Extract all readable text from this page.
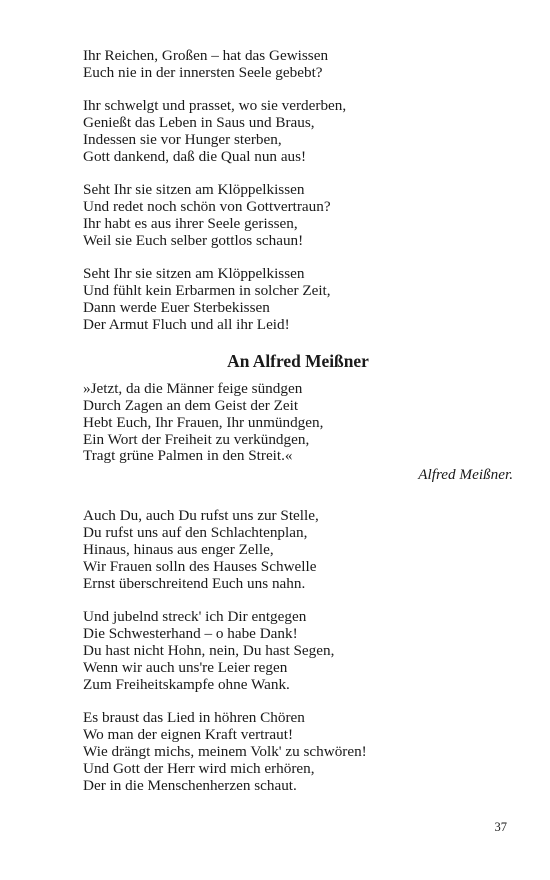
Ihr Reichen, Großen – hat das Gewissen
Euch nie in der innersten Seele gebebt?
Ihr schwelgt und prasset, wo sie verderben,
Genießt das Leben in Saus und Braus,
Indessen sie vor Hunger sterben,
Gott dankend, daß die Qual nun aus!
Seht Ihr sie sitzen am Klöppelkissen
Und redet noch schön von Gottvertraun?
Ihr habt es aus ihrer Seele gerissen,
Weil sie Euch selber gottlos schaun!
Seht Ihr sie sitzen am Klöppelkissen
Und fühlt kein Erbarmen in solcher Zeit,
Dann werde Euer Sterbekissen
Der Armut Fluch und all ihr Leid!
An Alfred Meißner
»Jetzt, da die Männer feige sündgen
Durch Zagen an dem Geist der Zeit
Hebt Euch, Ihr Frauen, Ihr unmündgen,
Ein Wort der Freiheit zu verkündgen,
Tragt grüne Palmen in den Streit.«
Alfred Meißner.
Auch Du, auch Du rufst uns zur Stelle,
Du rufst uns auf den Schlachtenplan,
Hinaus, hinaus aus enger Zelle,
Wir Frauen solln des Hauses Schwelle
Ernst überschreitend Euch uns nahn.
Und jubelnd streck' ich Dir entgegen
Die Schwesterhand – o habe Dank!
Du hast nicht Hohn, nein, Du hast Segen,
Wenn wir auch uns're Leier regen
Zum Freiheitskampfe ohne Wank.
Es braust das Lied in höhren Chören
Wo man der eignen Kraft vertraut!
Wie drängt michs, meinem Volk' zu schwören!
Und Gott der Herr wird mich erhören,
Der in die Menschenherzen schaut.
37
